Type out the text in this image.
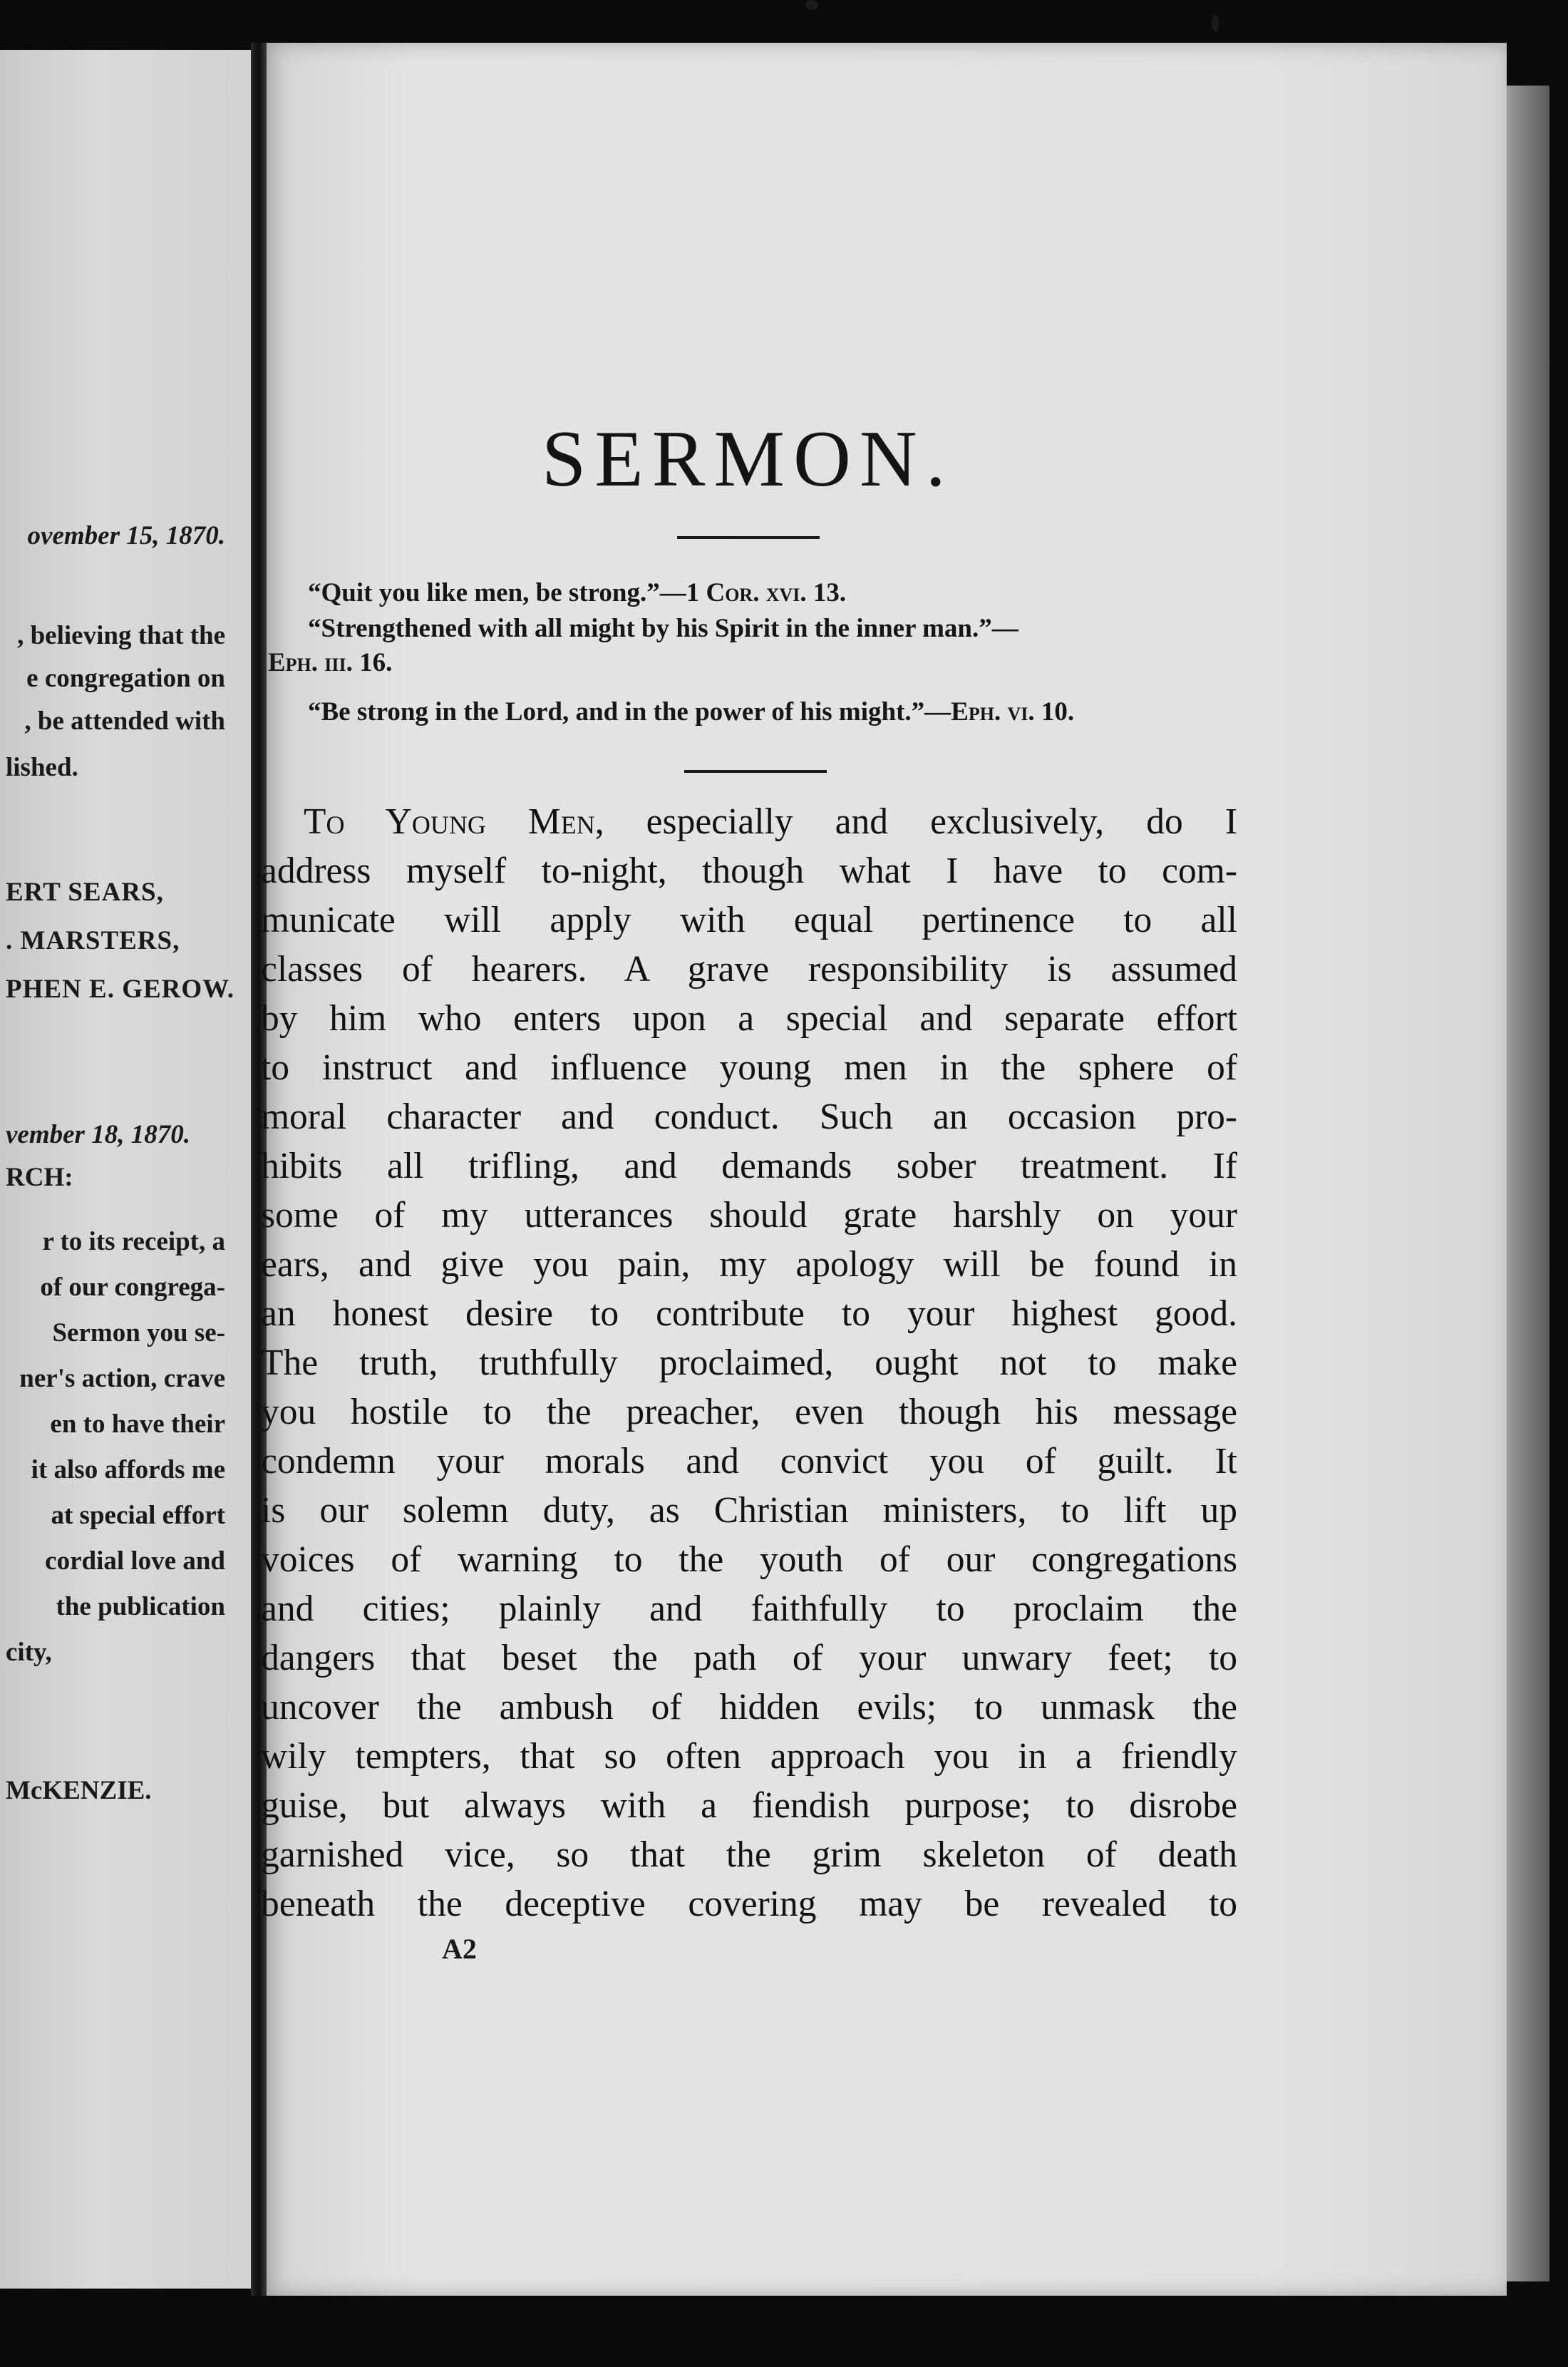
ovember 15, 1870.
, believing that the
e congregation on
, be attended with
lished.
ERT SEARS,
. MARSTERS,
PHEN E. GEROW.
vember 18, 1870.
RCH:
r to its receipt, a
of our congrega-
Sermon you se-
ner's action, crave
en to have their
it also affords me
at special effort
cordial love and
the publication
city,
McKENZIE.
SERMON.
“Quit you like men, be strong.”—1 Cor. xvi. 13.
“Strengthened with all might by his Spirit in the inner man.”—
Eph. iii. 16.
“Be strong in the Lord, and in the power of his might.”—Eph. vi. 10.
To Young Men, especially and exclusively, do I
address myself to-night, though what I have to com-
municate will apply with equal pertinence to all
classes of hearers. A grave responsibility is assumed
by him who enters upon a special and separate effort
to instruct and influence young men in the sphere of
moral character and conduct. Such an occasion pro-
hibits all trifling, and demands sober treatment. If
some of my utterances should grate harshly on your
ears, and give you pain, my apology will be found in
an honest desire to contribute to your highest good.
The truth, truthfully proclaimed, ought not to make
you hostile to the preacher, even though his message
condemn your morals and convict you of guilt. It
is our solemn duty, as Christian ministers, to lift up
voices of warning to the youth of our congregations
and cities; plainly and faithfully to proclaim the
dangers that beset the path of your unwary feet; to
uncover the ambush of hidden evils; to unmask the
wily tempters, that so often approach you in a friendly
guise, but always with a fiendish purpose; to disrobe
garnished vice, so that the grim skeleton of death
beneath the deceptive covering may be revealed to
A2
